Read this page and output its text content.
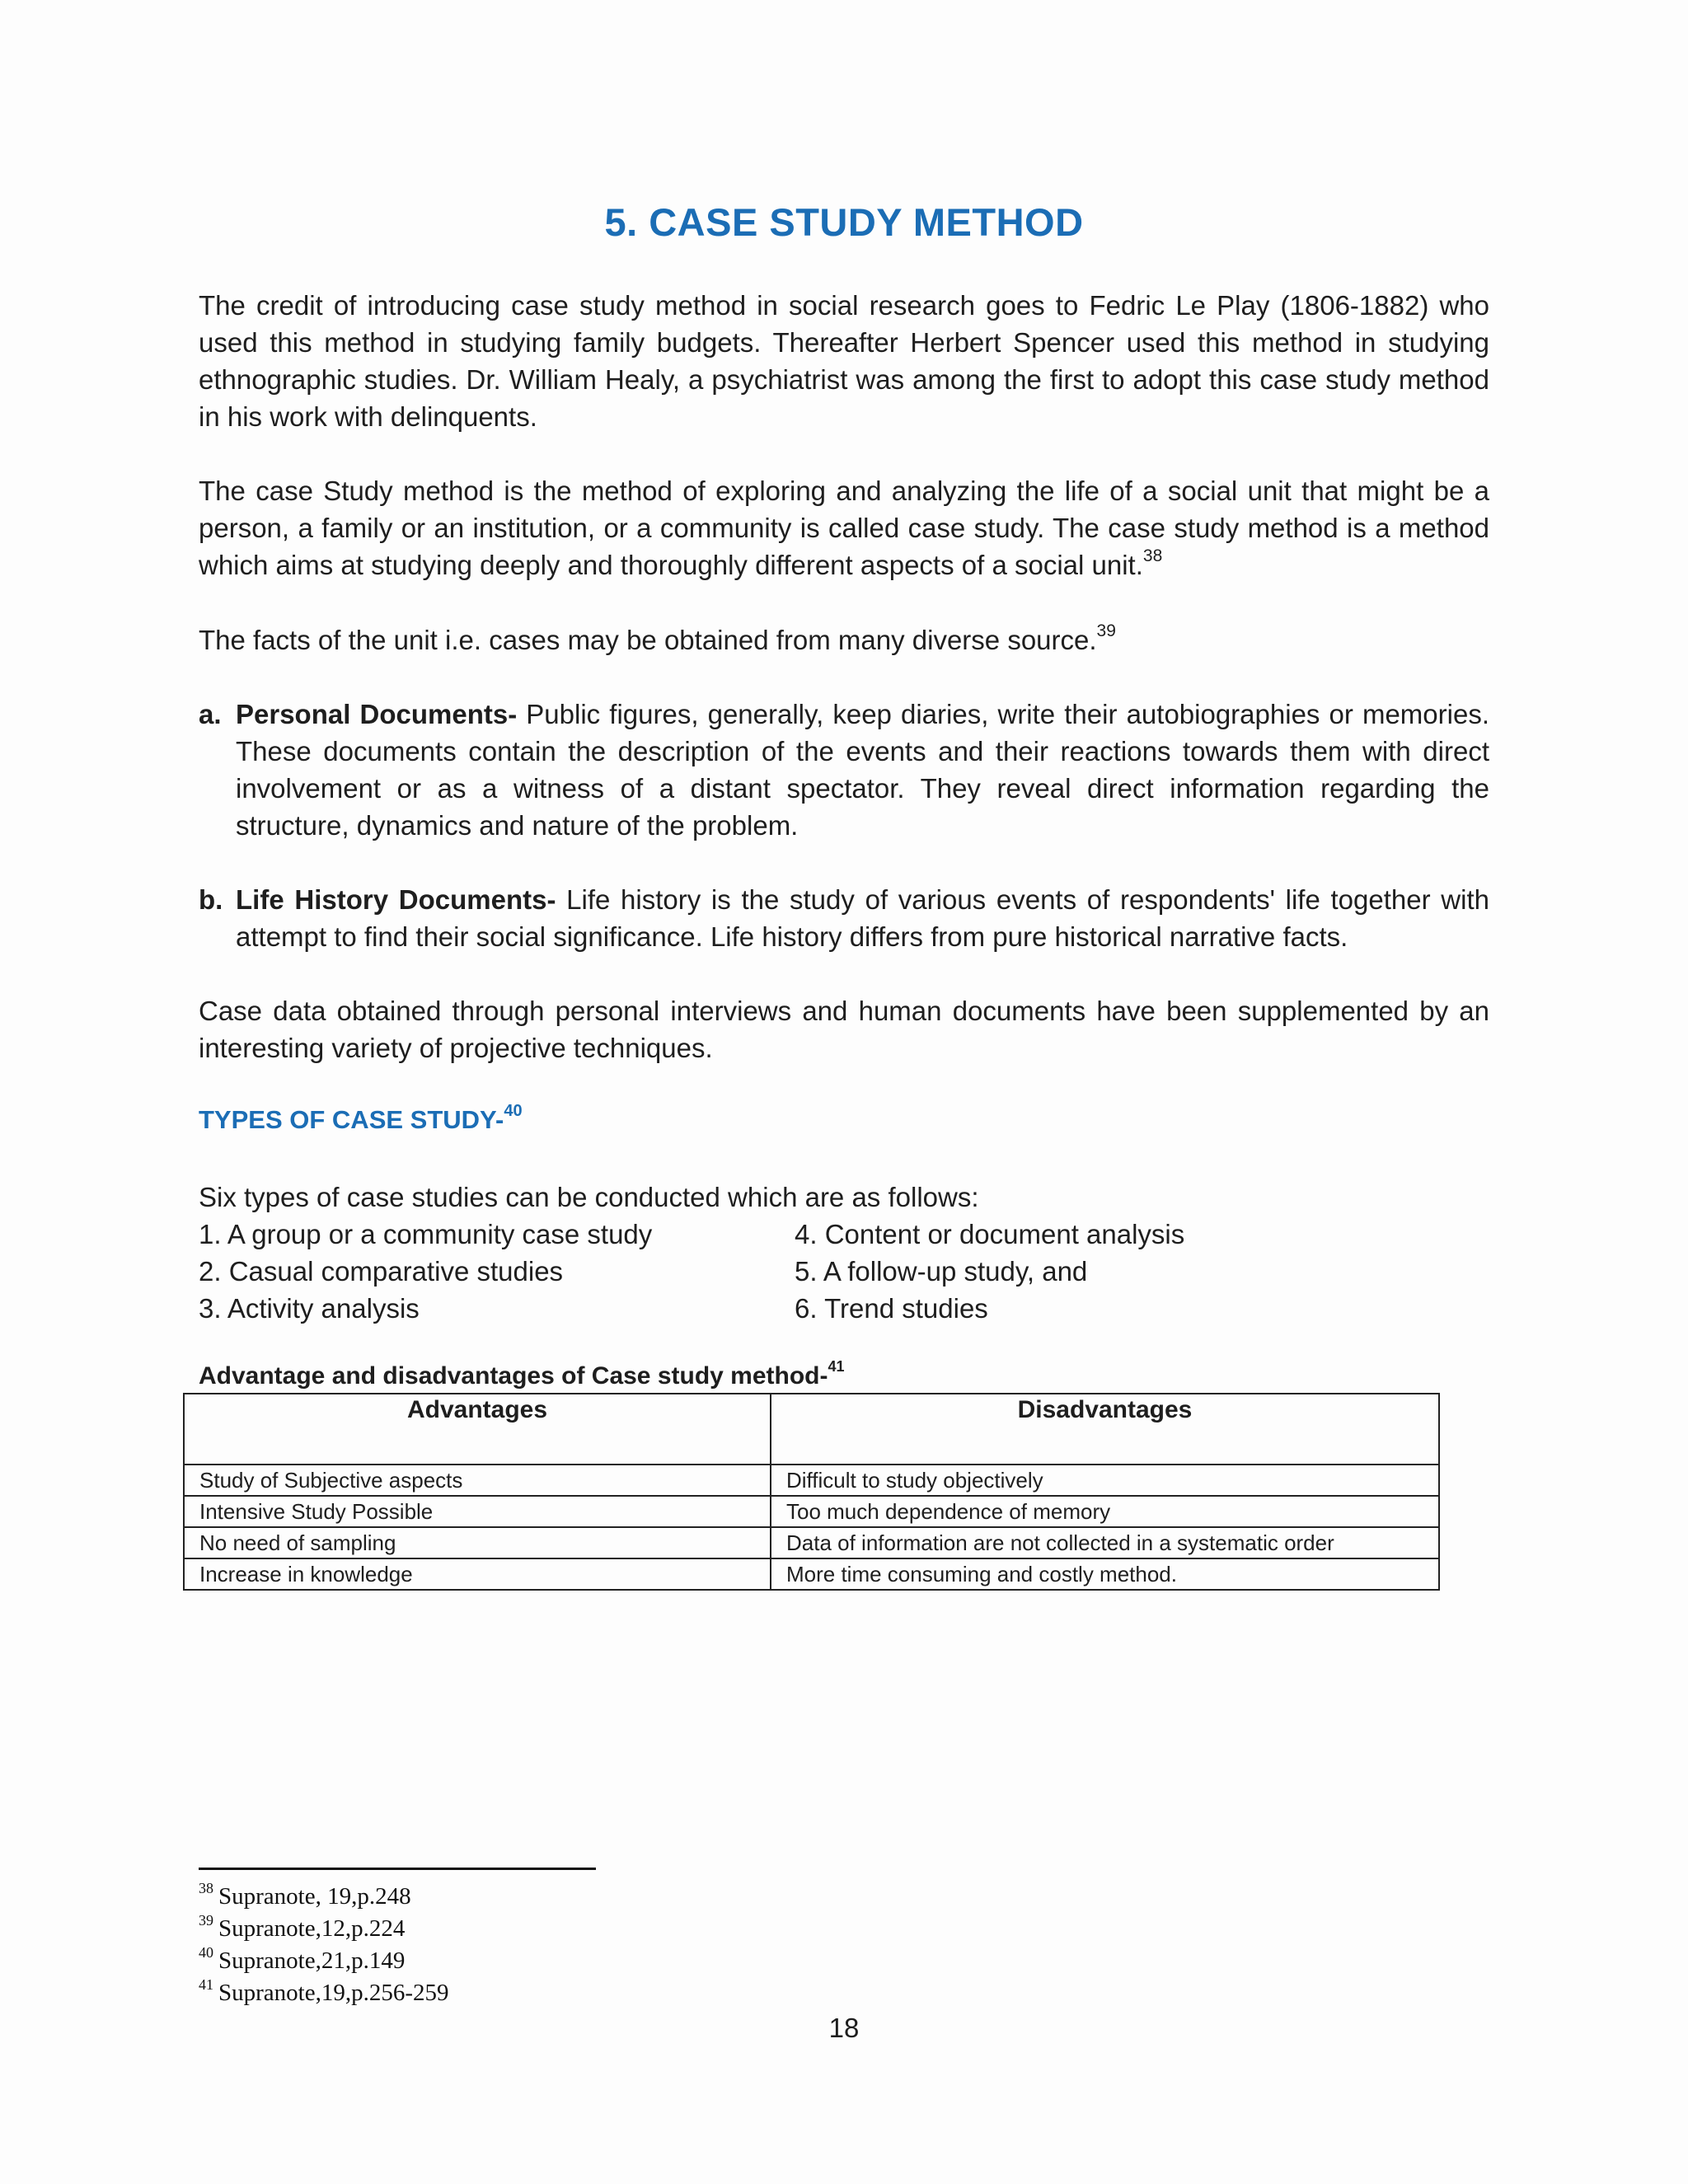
5. CASE STUDY METHOD

The credit of introducing case study method in social research goes to Fedric Le Play (1806-1882) who used this method in studying family budgets. Thereafter Herbert Spencer used this method in studying ethnographic studies. Dr. William Healy, a psychiatrist was among the first to adopt this case study method in his work with delinquents.

The case Study method is the method of exploring and analyzing the life of a social unit that might be a person, a family or an institution, or a community is called case study. The case study method is a method which aims at studying deeply and thoroughly different aspects of a social unit.$^{38}$

The facts of the unit i.e. cases may be obtained from many diverse source.$^{39}$

a. Personal Documents- Public figures, generally, keep diaries, write their autobiographies or memories. These documents contain the description of the events and their reactions towards them with direct involvement or as a witness of a distant spectator. They reveal direct information regarding the structure, dynamics and nature of the problem.
b. Life History Documents- Life history is the study of various events of respondents' life together with attempt to find their social significance. Life history differs from pure historical narrative facts.

Case data obtained through personal interviews and human documents have been supplemented by an interesting variety of projective techniques.

TYPES OF CASE STUDY-$^{40}$
Six types of case studies can be conducted which are as follows:
1. A group or a community case study	4. Content or document analysis
2. Casual comparative studies	5. A follow-up study, and
3. Activity analysis	6. Trend studies
Advantage and disadvantages of Case study method-$^{41}$
Advantages	Disadvantages
Study of Subjective aspects	Difficult to study objectively
Intensive Study Possible	Too much dependence of memory
No need of sampling	Data of information are not collected in a systematic order
Increase in knowledge	More time consuming and costly method.
$^{38}$ Supranote, 19,p.248
$^{39}$ Supranote,12,p.224
$^{40}$ Supranote,21,p.149
$^{41}$ Supranote,19,p.256-259
18
